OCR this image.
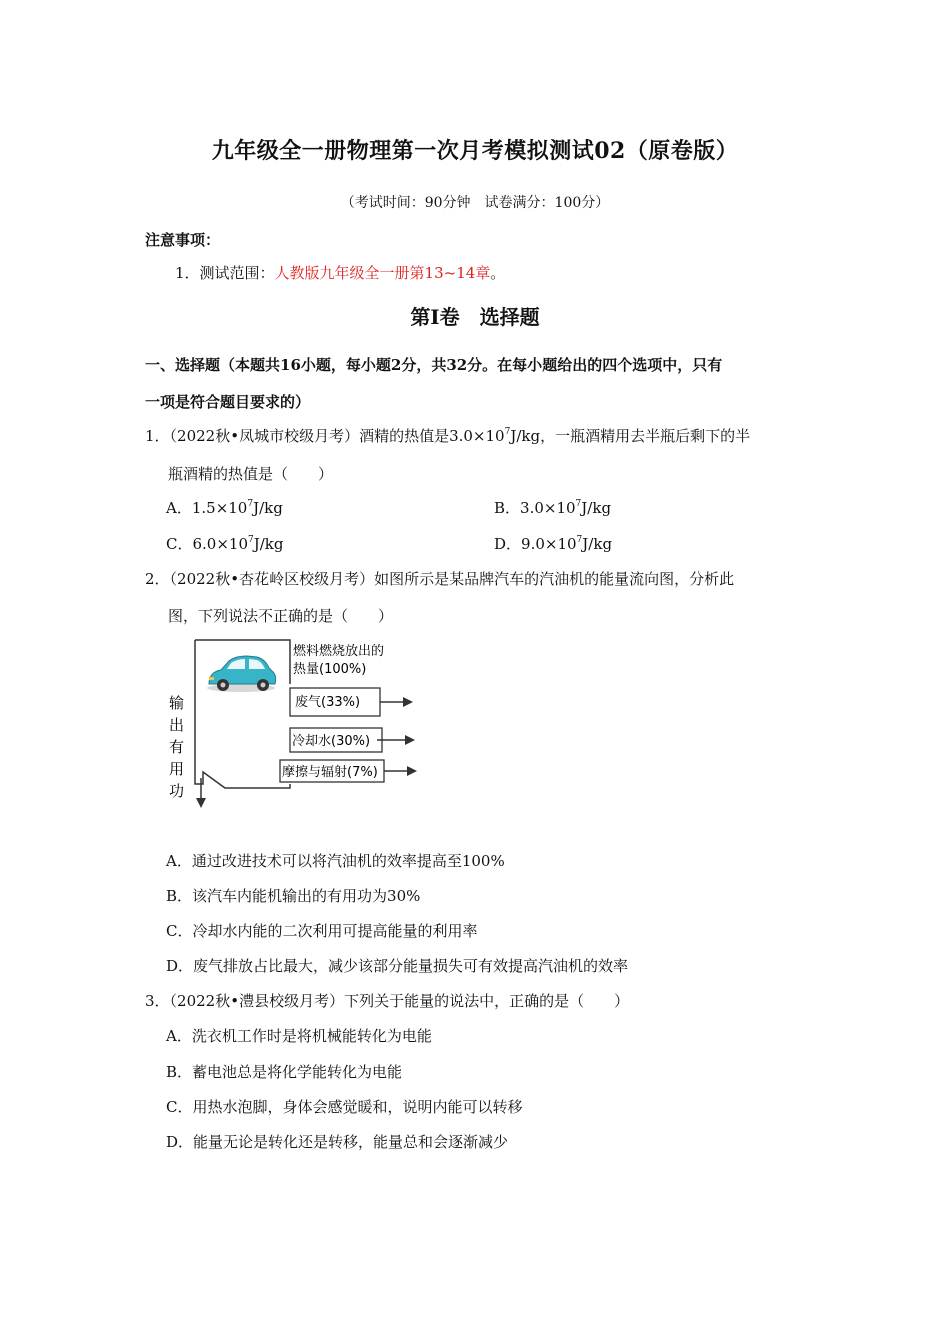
九年级全一册物理第一次月考模拟测试02（原卷版）
（考试时间：90分钟　试卷满分：100分）
注意事项：
1．测试范围：人教版九年级全一册第13~14章。
第Ⅰ卷　选择题
一、选择题（本题共16小题，每小题2分，共32分。在每小题给出的四个选项中，只有
一项是符合题目要求的）
1．（2022秋•凤城市校级月考）酒精的热值是$3.0\times 10^7J/kg$，一瓶酒精用去半瓶后剩下的半
瓶酒精的热值是（　　）
A．$1.5\times 10^7J/kg$	B．$3.0\times 10^7J/kg$
C．$6.0\times 10^7J/kg$	D．$9.0\times 10^7J/kg$
2．（2022秋•杏花岭区校级月考）如图所示是某品牌汽车的汽油机的能量流向图，分析此
图，下列说法不正确的是（　　）
燃料燃烧放出的
热量(100%)
废气(33%)
冷却水(30%)
摩擦与辐射(7%)
输
出
有
用
功
A．通过改进技术可以将汽油机的效率提高至100%
B．该汽车内能机输出的有用功为30%
C．冷却水内能的二次利用可提高能量的利用率
D．废气排放占比最大，减少该部分能量损失可有效提高汽油机的效率
3．（2022秋•澧县校级月考）下列关于能量的说法中，正确的是（　　）
A．洗衣机工作时是将机械能转化为电能
B．蓄电池总是将化学能转化为电能
C．用热水泡脚，身体会感觉暖和，说明内能可以转移
D．能量无论是转化还是转移，能量总和会逐渐减少
